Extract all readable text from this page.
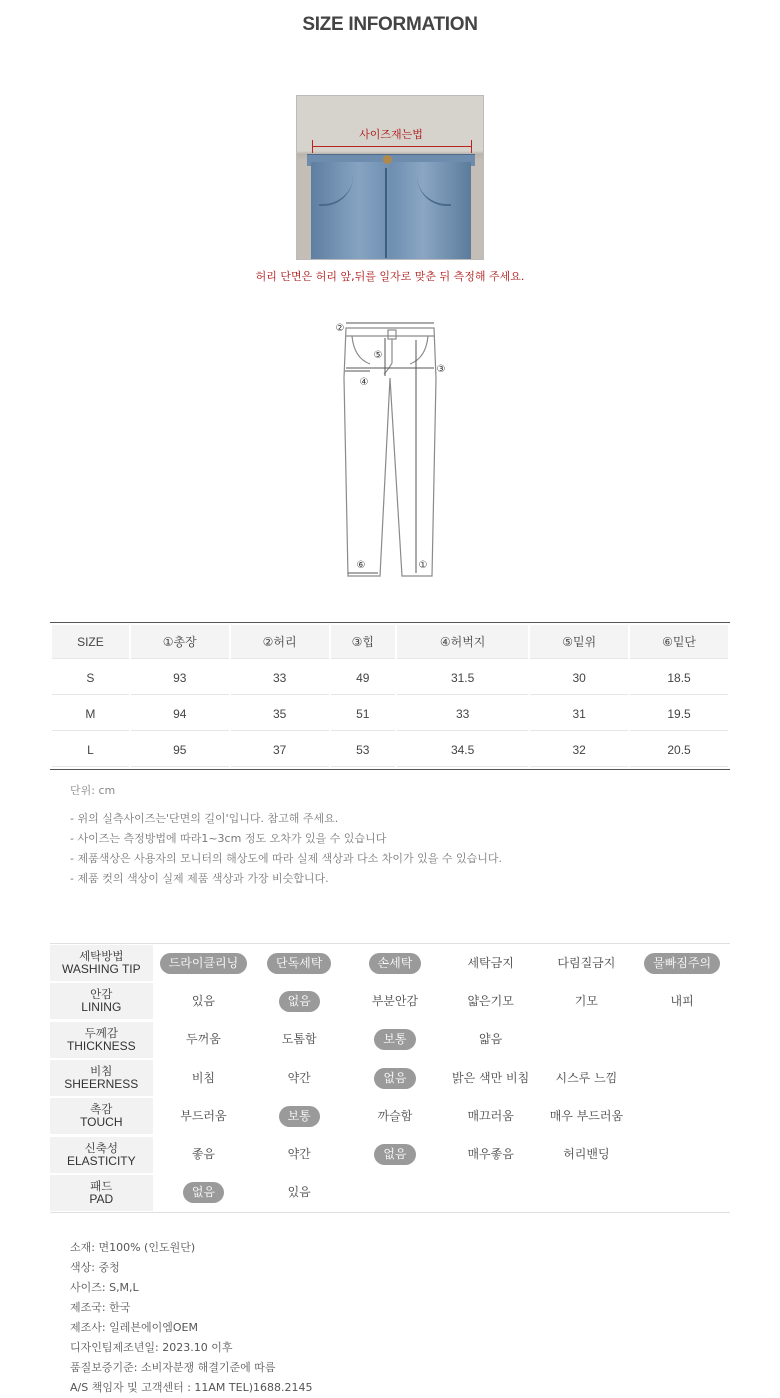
SIZE INFORMATION
사이즈재는법
허리 단면은 허리 앞,뒤를 일자로 맞춘 뒤 측정해 주세요.
②
⑤
③
④
⑥	①
SIZE	①총장	②허리	③힙	④허벅지	⑤밑위	⑥밑단
S	93	33	49	31.5	30	18.5
M	94	35	51	33	31	19.5
L	95	37	53	34.5	32	20.5
단위: cm
- 위의 실측사이즈는'단면의 길이'입니다. 참고해 주세요.
- 사이즈는 측정방법에 따라1~3cm 정도 오차가 있을 수 있습니다
- 제품색상은 사용자의 모니터의 해상도에 따라 실제 색상과 다소 차이가 있을 수 있습니다.
- 제품 컷의 색상이 실제 제품 색상과 가장 비슷합니다.
세탁방법
WASHING TIP	드라이클리닝	단독세탁	손세탁	세탁금지	다림질금지	물빠짐주의
안감
LINING	있음	없음	부분안감	얇은기모	기모	내피
두께감
THICKNESS	두꺼움	도톰함	보통	얇음
비침
SHEERNESS	비침	약간	없음	밝은 색만 비침	시스루 느낌
촉감
TOUCH	부드러움	보통	까슬함	매끄러움	매우 부드러움
신축성
ELASTICITY	좋음	약간	없음	매우좋음	허리밴딩
패드
PAD	없음	있음
소재: 면100% (인도원단)
색상: 중청
사이즈: S,M,L
제조국: 한국
제조사: 일레븐에이엠OEM
디자인팀제조년일: 2023.10 이후
품질보증기준: 소비자분쟁 해결기준에 따름
A/S 책임자 및 고객센터 : 11AM TEL)1688.2145
